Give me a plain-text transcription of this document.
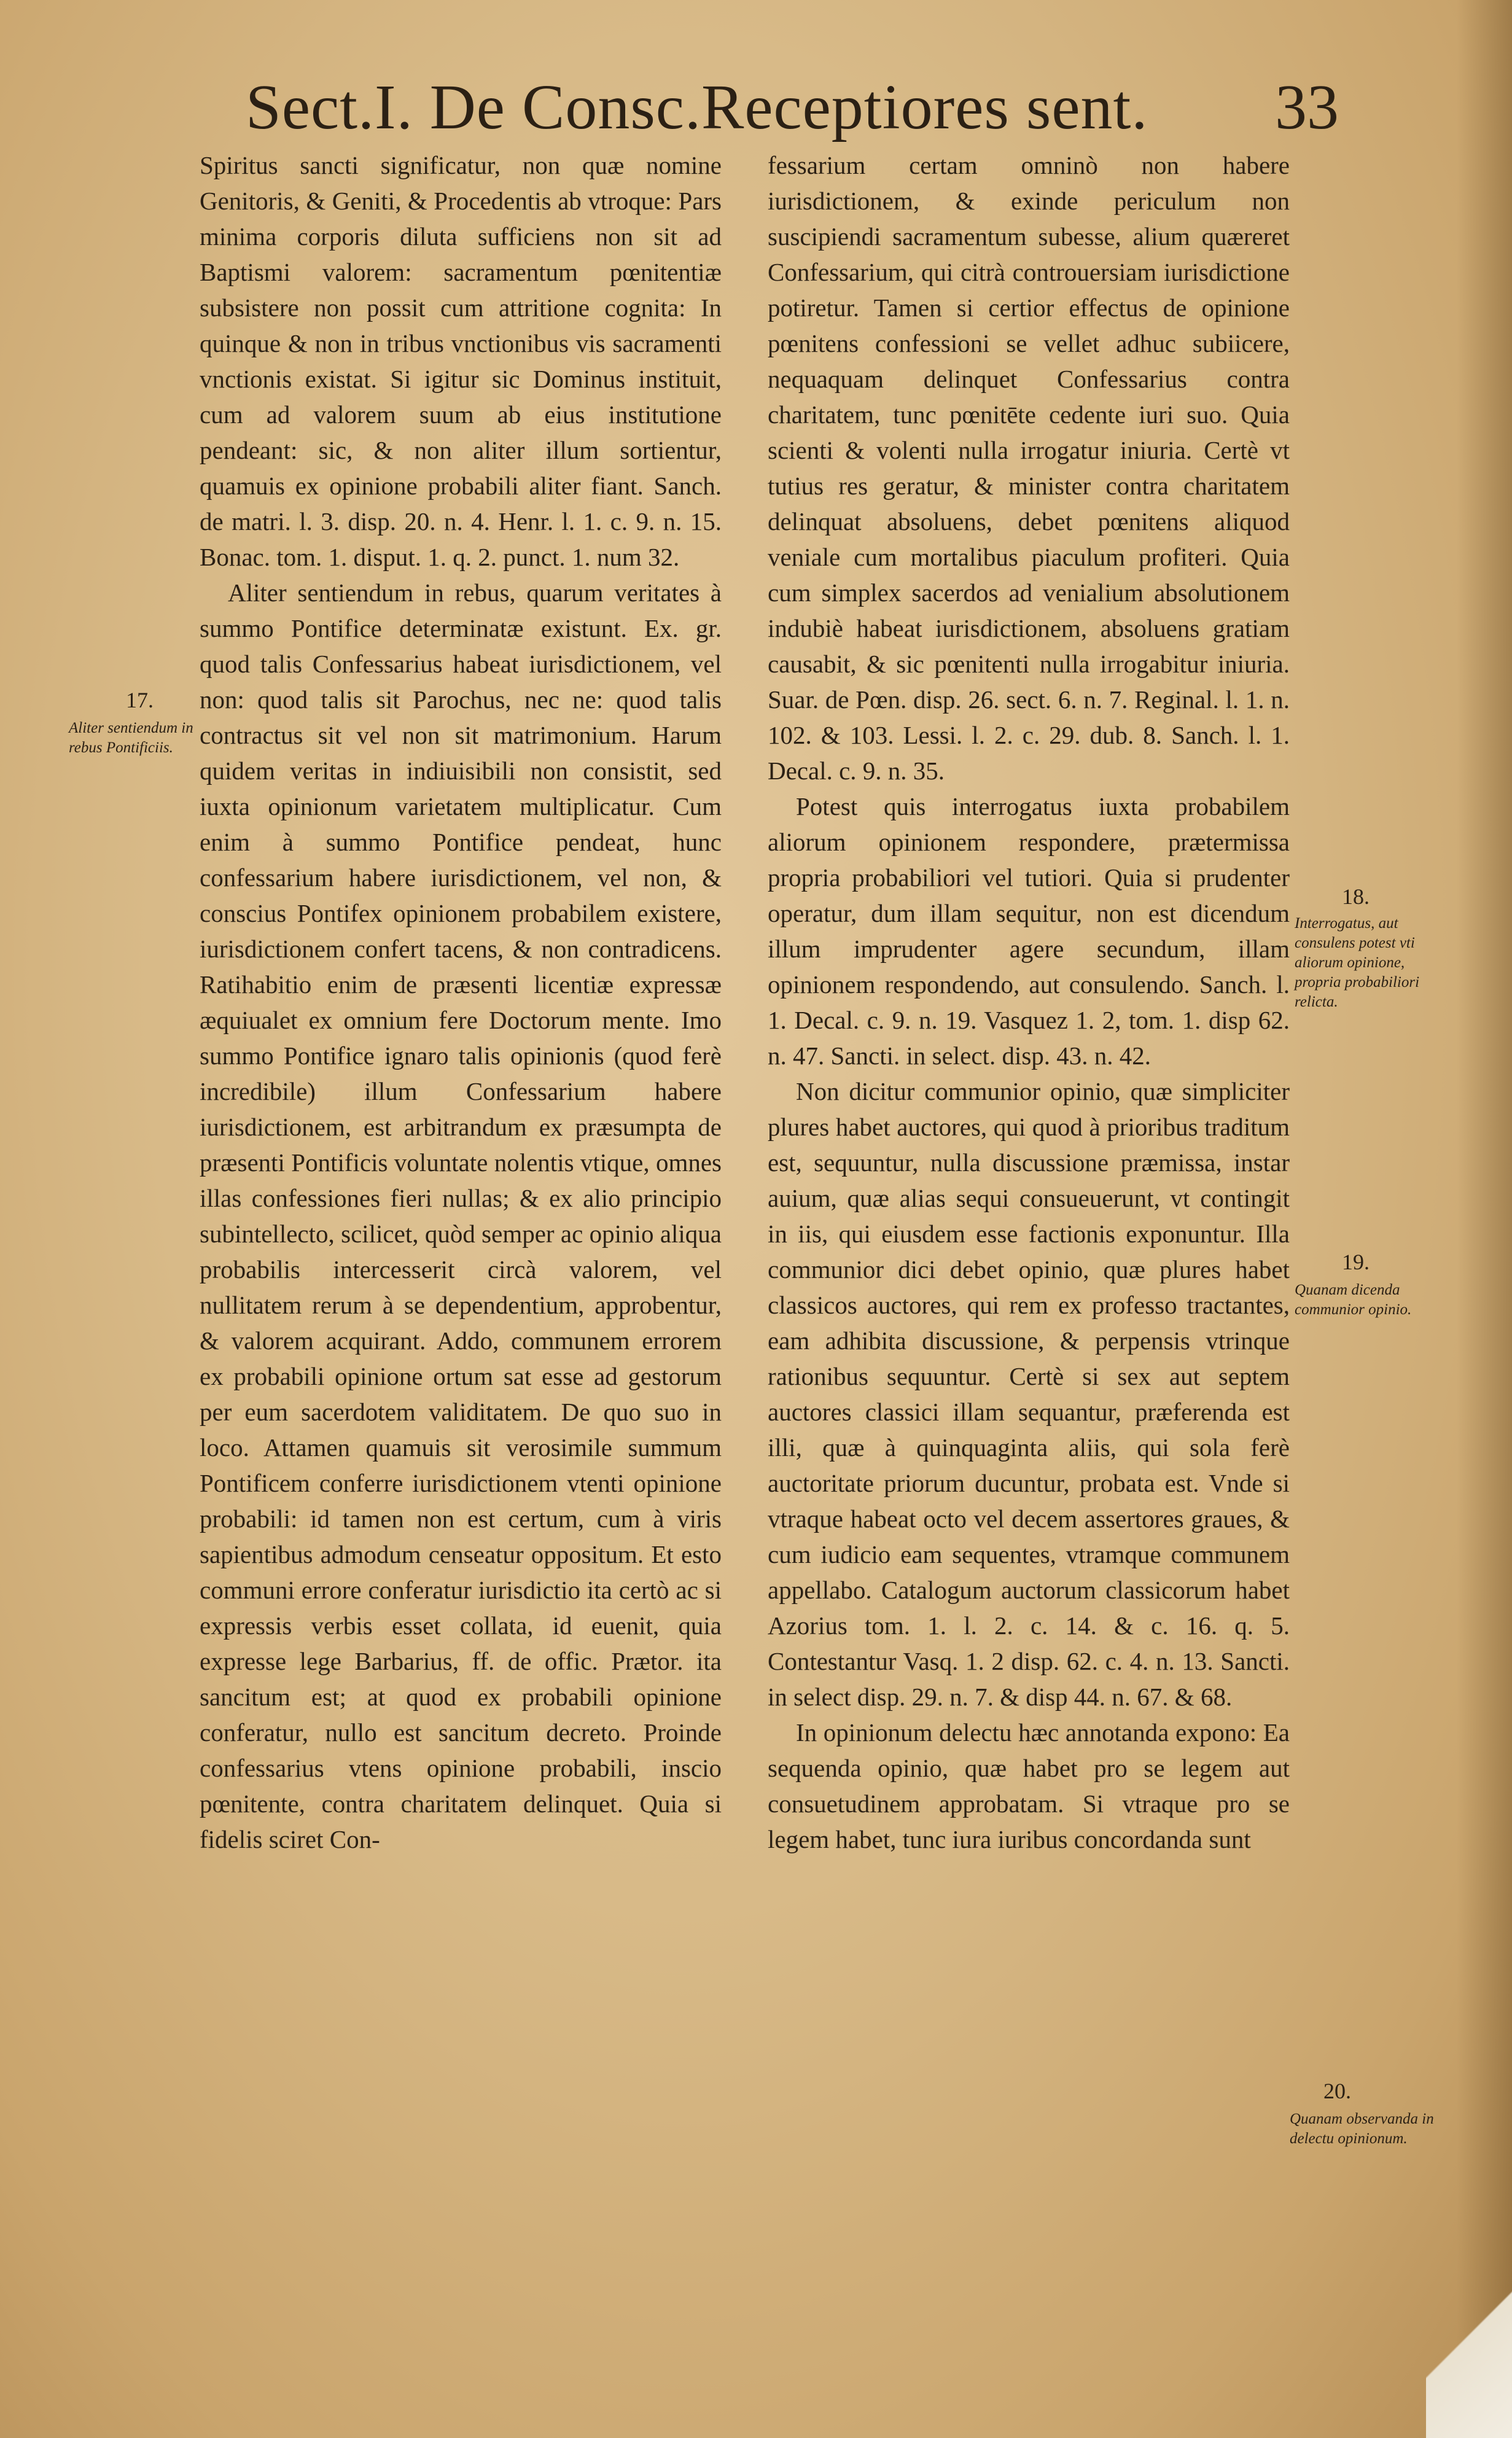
Sect.I. De Consc.Receptiores sent. 33

Spiritus sancti significatur, non quæ nomine Genitoris, & Geniti, & Procedentis ab vtroque: Pars minima corporis diluta sufficiens non sit ad Baptismi valorem: sacramentum pœnitentiæ subsistere non possit cum attritione cognita: In quinque & non in tribus vnctionibus vis sacramenti vnctionis existat. Si igitur sic Dominus instituit, cum ad valorem suum ab eius institutione pendeant: sic, & non aliter illum sortientur, quamuis ex opinione probabili aliter fiant. Sanch. de matri. l. 3. disp. 20. n. 4. Henr. l. 1. c. 9. n. 15. Bonac. tom. 1. disput. 1. q. 2. punct. 1. num 32.

Aliter sentiendum in rebus, quarum veritates à summo Pontifice determinatæ existunt. Ex. gr. quod talis Confessarius habeat iurisdictionem, vel non: quod talis sit Parochus, nec ne: quod talis contractus sit vel non sit matrimonium. Harum quidem veritas in indiuisibili non consistit, sed iuxta opinionum varietatem multiplicatur. Cum enim à summo Pontifice pendeat, hunc confessarium habere iurisdictionem, vel non, & conscius Pontifex opinionem probabilem existere, iurisdictionem confert tacens, & non contradicens. Ratihabitio enim de præsenti licentiæ expressæ æquiualet ex omnium fere Doctorum mente. Imo summo Pontifice ignaro talis opinionis (quod ferè incredibile) illum Confessarium habere iurisdictionem, est arbitrandum ex præsumpta de præsenti Pontificis voluntate nolentis vtique, omnes illas confessiones fieri nullas; & ex alio principio subintellecto, scilicet, quòd semper ac opinio aliqua probabilis intercesserit circà valorem, vel nullitatem rerum à se dependentium, approbentur, & valorem acquirant. Addo, communem errorem ex probabili opinione ortum sat esse ad gestorum per eum sacerdotem validitatem. De quo suo in loco. Attamen quamuis sit verosimile summum Pontificem conferre iurisdictionem vtenti opinione probabili: id tamen non est certum, cum à viris sapientibus admodum censeatur oppositum. Et esto communi errore conferatur iurisdictio ita certò ac si expressis verbis esset collata, id euenit, quia expresse lege Barbarius, ff. de offic. Prætor. ita sancitum est; at quod ex probabili opinione conferatur, nullo est sancitum decreto. Proinde confessarius vtens opinione probabili, inscio pœnitente, contra charitatem delinquet. Quia si fidelis sciret Con-

fessarium certam omninò non habere iurisdictionem, & exinde periculum non suscipiendi sacramentum subesse, alium quæreret Confessarium, qui citrà controuersiam iurisdictione potiretur. Tamen si certior effectus de opinione pœnitens confessioni se vellet adhuc subiicere, nequaquam delinquet Confessarius contra charitatem, tunc pœnitēte cedente iuri suo. Quia scienti & volenti nulla irrogatur iniuria. Certè vt tutius res geratur, & minister contra charitatem delinquat absoluens, debet pœnitens aliquod veniale cum mortalibus piaculum profiteri. Quia cum simplex sacerdos ad venialium absolutionem indubiè habeat iurisdictionem, absoluens gratiam causabit, & sic pœnitenti nulla irrogabitur iniuria. Suar. de Pœn. disp. 26. sect. 6. n. 7. Reginal. l. 1. n. 102. & 103. Lessi. l. 2. c. 29. dub. 8. Sanch. l. 1. Decal. c. 9. n. 35.

Potest quis interrogatus iuxta probabilem aliorum opinionem respondere, prætermissa propria probabiliori vel tutiori. Quia si prudenter operatur, dum illam sequitur, non est dicendum illum imprudenter agere secundum, illam opinionem respondendo, aut consulendo. Sanch. l. 1. Decal. c. 9. n. 19. Vasquez 1. 2, tom. 1. disp 62. n. 47. Sancti. in select. disp. 43. n. 42.

Non dicitur communior opinio, quæ simpliciter plures habet auctores, qui quod à prioribus traditum est, sequuntur, nulla discussione præmissa, instar auium, quæ alias sequi consueuerunt, vt contingit in iis, qui eiusdem esse factionis exponuntur. Illa communior dici debet opinio, quæ plures habet classicos auctores, qui rem ex professo tractantes, eam adhibita discussione, & perpensis vtrinque rationibus sequuntur. Certè si sex aut septem auctores classici illam sequantur, præferenda est illi, quæ à quinquaginta aliis, qui sola ferè auctoritate priorum ducuntur, probata est. Vnde si vtraque habeat octo vel decem assertores graues, & cum iudicio eam sequentes, vtramque communem appellabo. Catalogum auctorum classicorum habet Azorius tom. 1. l. 2. c. 14. & c. 16. q. 5. Contestantur Vasq. 1. 2 disp. 62. c. 4. n. 13. Sancti. in select disp. 29. n. 7. & disp 44. n. 67. & 68.

In opinionum delectu hæc annotanda expono: Ea sequenda opinio, quæ habet pro se legem aut consuetudinem approbatam. Si vtraque pro se legem habet, tunc iura iuribus concordanda sunt

17.
Aliter sentiendum in rebus Pontificiis.
18.
Interrogatus, aut consulens potest vti aliorum opinione, propria probabiliori relicta.
19.
Quanam dicenda communior opinio.
20.
Quanam observanda in delectu opinionum.
